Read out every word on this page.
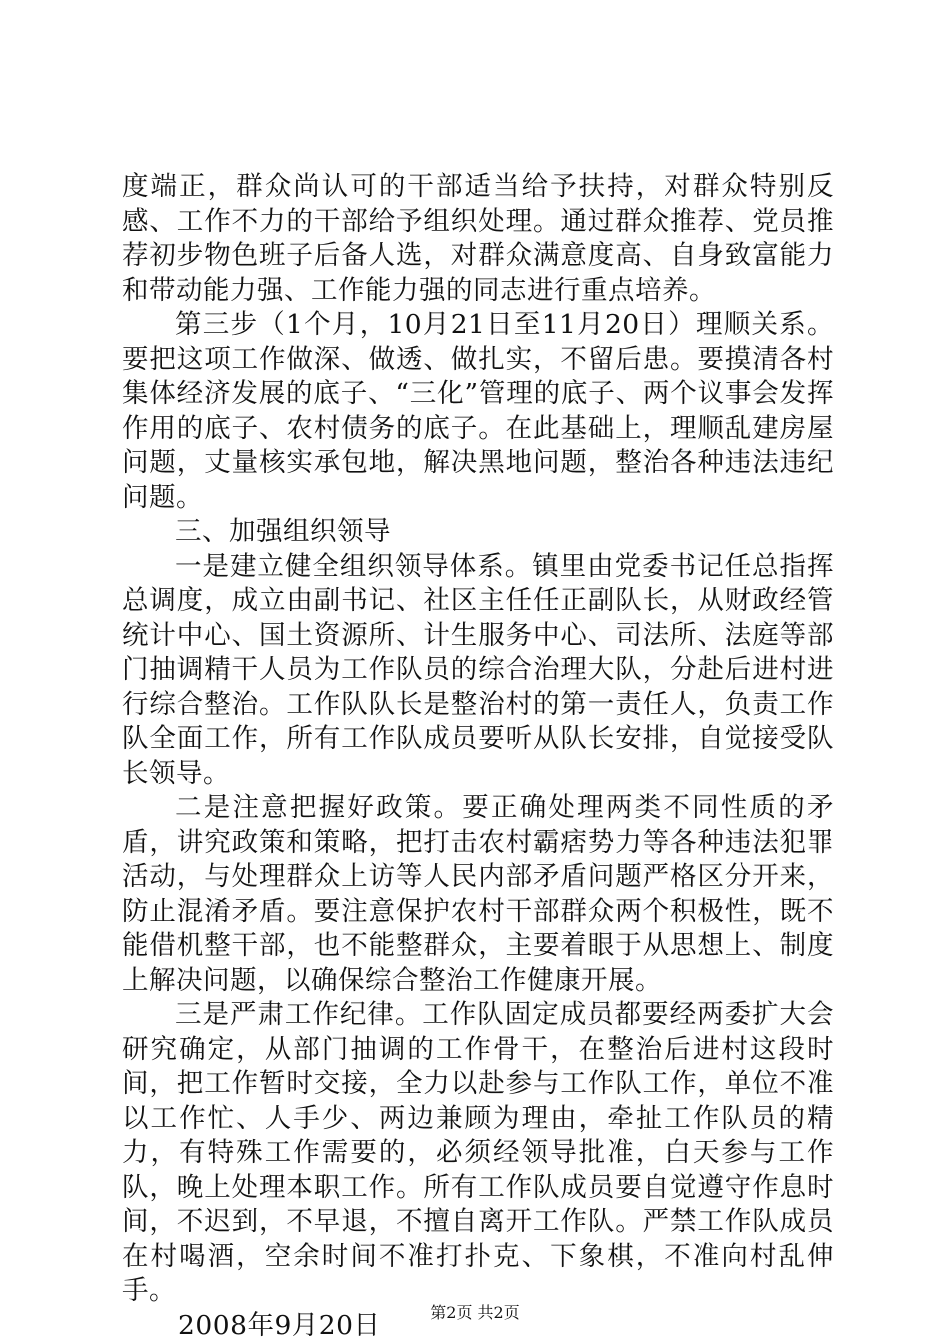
度端正，群众尚认可的干部适当给予扶持，对群众特别反感、工作不力的干部给予组织处理。通过群众推荐、党员推荐初步物色班子后备人选，对群众满意度高、自身致富能力和带动能力强、工作能力强的同志进行重点培养。

第三步（1个月，10月21日至11月20日）理顺关系。要把这项工作做深、做透、做扎实，不留后患。要摸清各村集体经济发展的底子、“三化”管理的底子、两个议事会发挥作用的底子、农村债务的底子。在此基础上，理顺乱建房屋问题，丈量核实承包地，解决黑地问题，整治各种违法违纪问题。

三、加强组织领导

一是建立健全组织领导体系。镇里由党委书记任总指挥总调度，成立由副书记、社区主任任正副队长，从财政经管统计中心、国土资源所、计生服务中心、司法所、法庭等部门抽调精干人员为工作队员的综合治理大队，分赴后进村进行综合整治。工作队队长是整治村的第一责任人，负责工作队全面工作，所有工作队成员要听从队长安排，自觉接受队长领导。

二是注意把握好政策。要正确处理两类不同性质的矛盾，讲究政策和策略，把打击农村霸痞势力等各种违法犯罪活动，与处理群众上访等人民内部矛盾问题严格区分开来，防止混淆矛盾。要注意保护农村干部群众两个积极性，既不能借机整干部，也不能整群众，主要着眼于从思想上、制度上解决问题，以确保综合整治工作健康开展。

三是严肃工作纪律。工作队固定成员都要经两委扩大会研究确定，从部门抽调的工作骨干，在整治后进村这段时间，把工作暂时交接，全力以赴参与工作队工作，单位不准以工作忙、人手少、两边兼顾为理由，牵扯工作队员的精力，有特殊工作需要的，必须经领导批准，白天参与工作队，晚上处理本职工作。所有工作队成员要自觉遵守作息时间，不迟到，不早退，不擅自离开工作队。严禁工作队成员在村喝酒，空余时间不准打扑克、下象棋，不准向村乱伸手。

2008年9月20日	第2页 共2页
